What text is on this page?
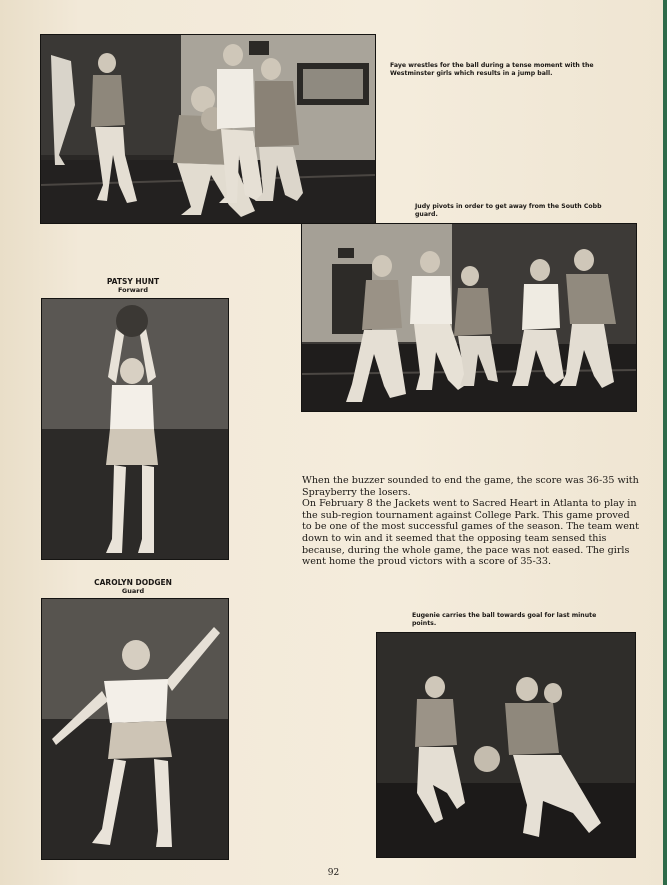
Faye wrestles for the ball during a tense moment with the Westminster girls which results in a jump ball.
Judy pivots in order to get away from the South Cobb guard.
PATSY HUNT
Forward

When the buzzer sounded to end the game, the score was 36-35 with Sprayberry the losers.

On February 8 the Jackets went to Sacred Heart in Atlanta to play in the sub-region tournament against College Park. This game proved to be one of the most successful games of the season. The team went down to win and it seemed that the opposing team sensed this because, during the whole game, the pace was not eased. The girls went home the proud victors with a score of 35-33.

CAROLYN DODGEN
Guard
Eugenie carries the ball towards goal for last minute points.
92
